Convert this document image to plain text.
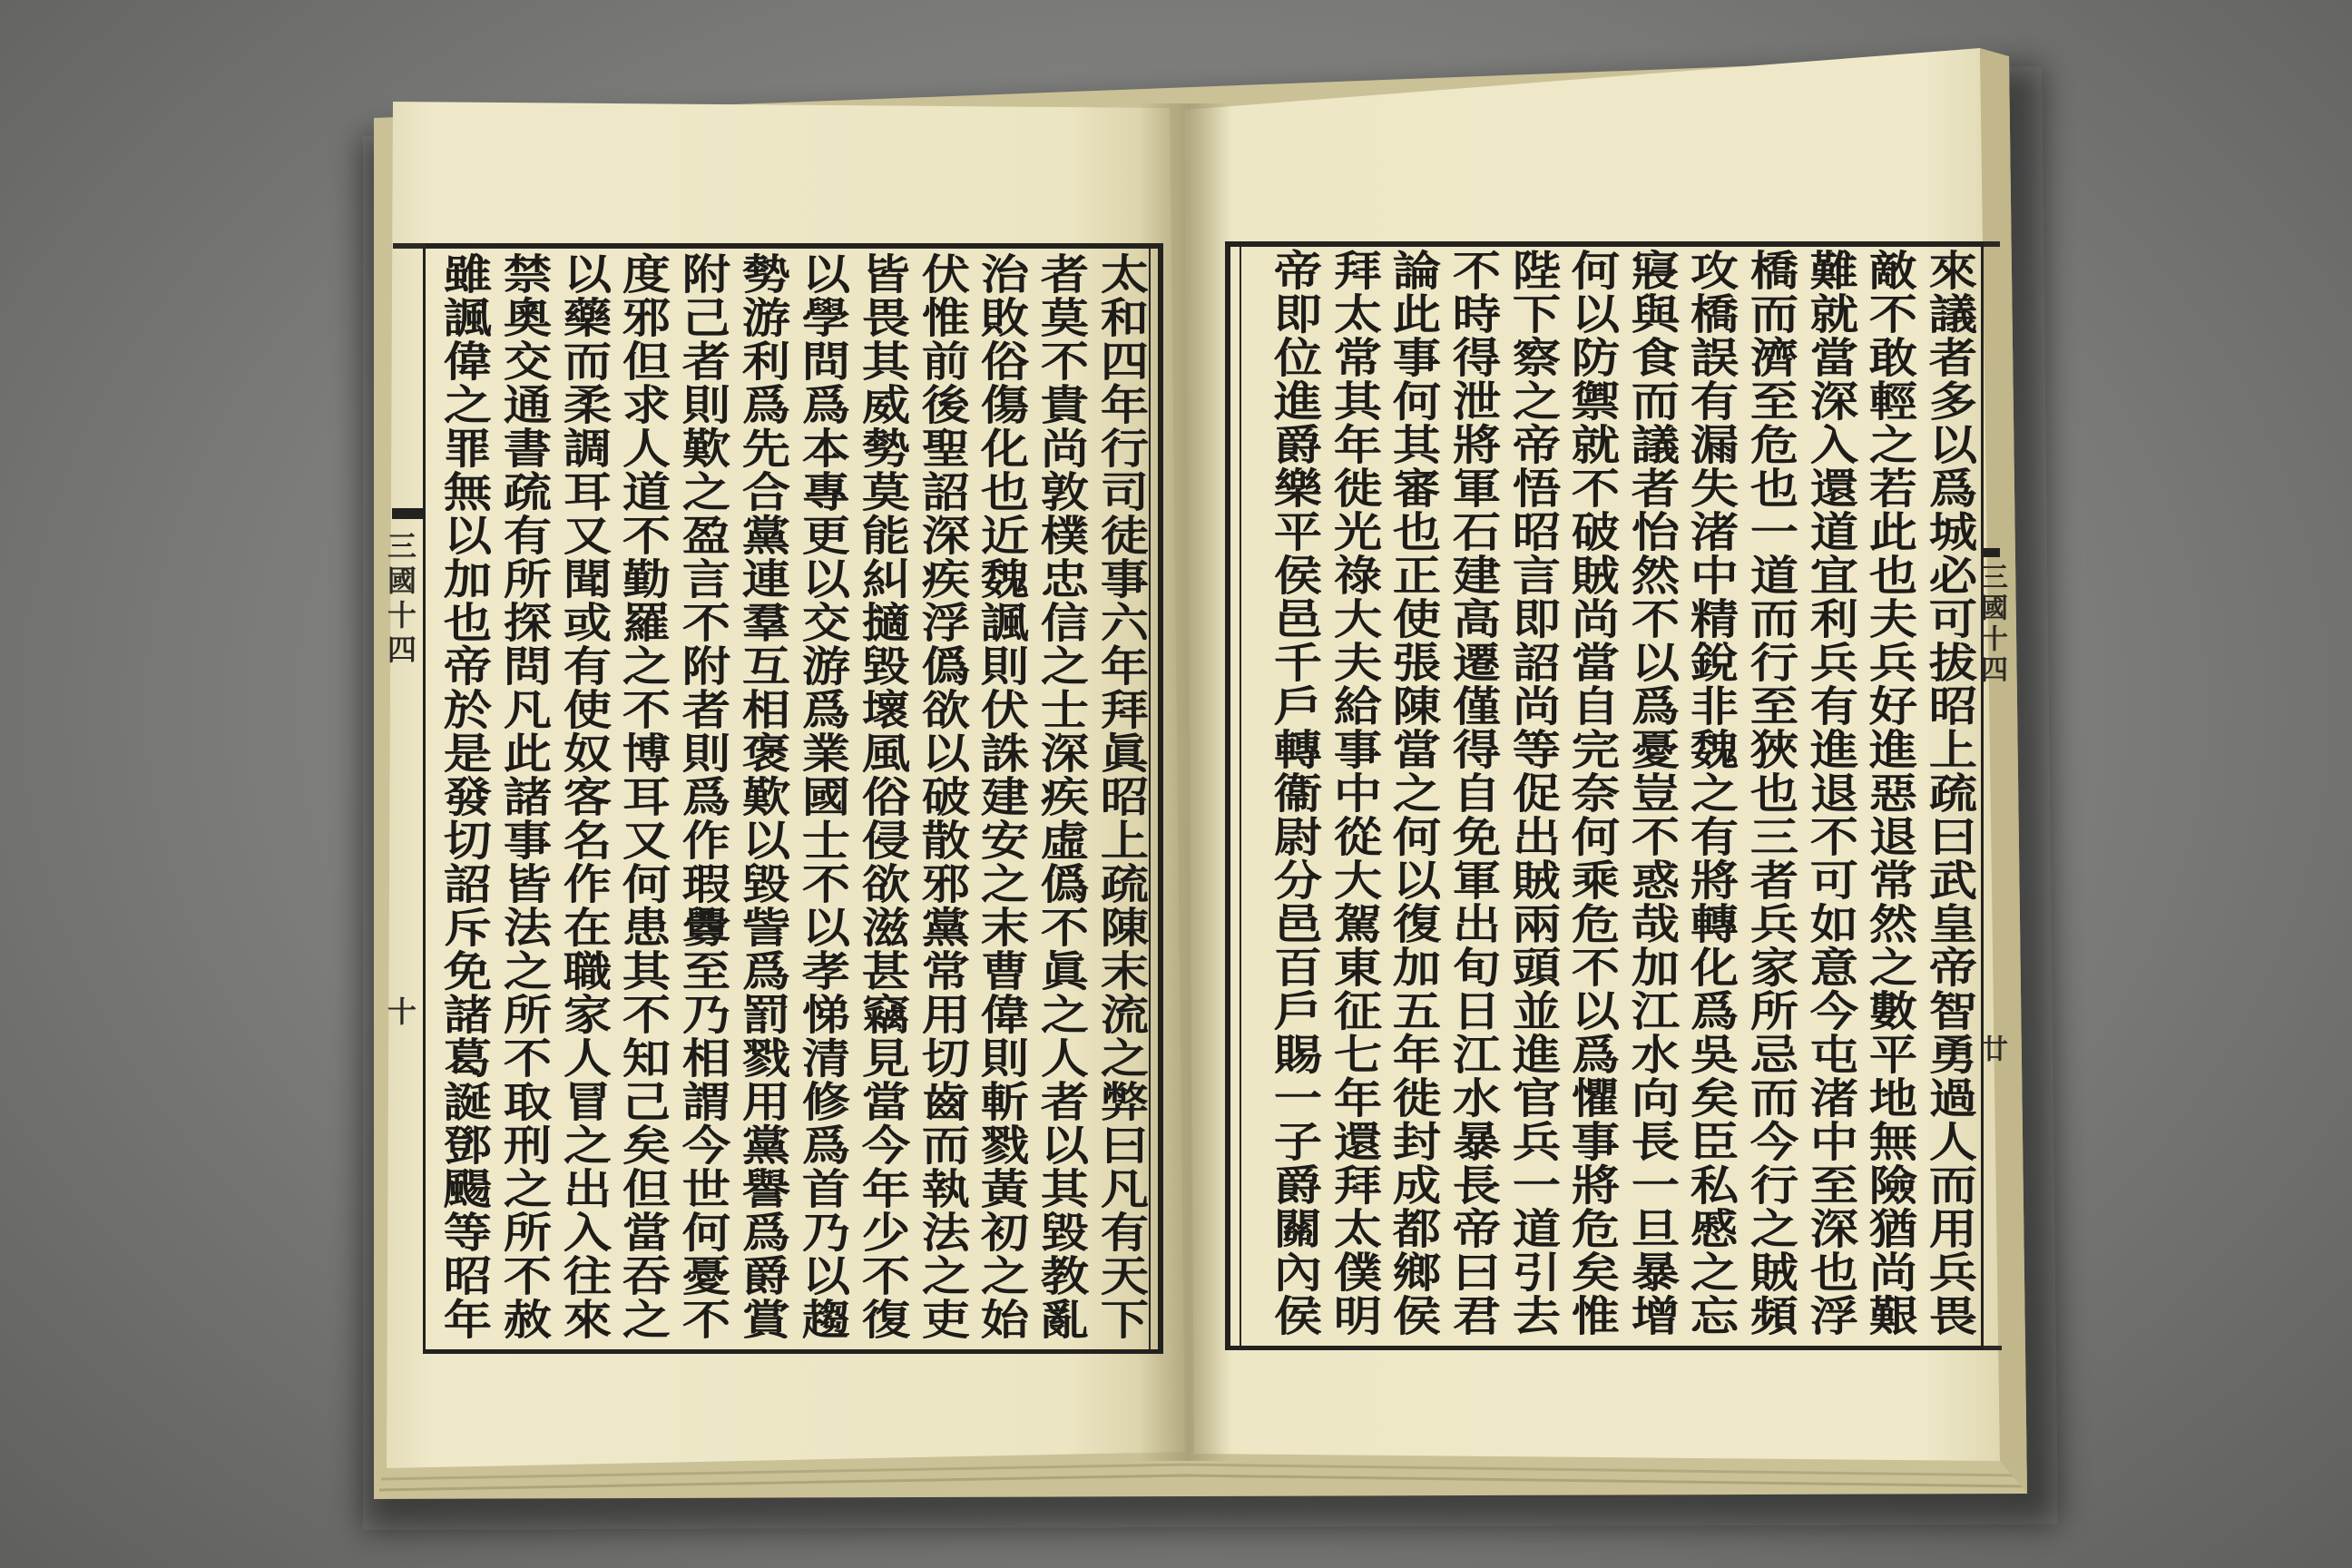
三國十四
十	太和四年行司徒事六年拜眞昭上疏陳末流之弊曰凡有天下
者莫不貴尚敦樸忠信之士深疾虛僞不眞之人者以其毀教亂
治敗俗傷化也近魏諷則伏誅建安之末曹偉則斬戮黃初之始
伏惟前後聖詔深疾浮僞欲以破散邪黨常用切齒而執法之吏
皆畏其威勢莫能糾擿毀壞風俗侵欲滋甚竊見當今年少不復
以學問爲本專更以交游爲業國士不以孝悌清修爲首乃以趨
勢游利爲先合黨連羣互相褒歎以毀訾爲罰戮用黨譽爲爵賞
附己者則歎之盈言不附者則爲作瑕釁至乃相謂今世何憂不
度邪但求人道不勤羅之不博耳又何患其不知己矣但當吞之
以藥而柔調耳又聞或有使奴客名作在職家人冒之出入往來
禁奧交通書疏有所探問凡此諸事皆法之所不取刑之所不赦
雖諷偉之罪無以加也帝於是發切詔斥免諸葛誕鄧颺等昭年	三國十四
廿
來議者多以爲城必可拔昭上疏曰武皇帝智勇過人而用兵畏
敵不敢輕之若此也夫兵好進惡退常然之數平地無險猶尚艱
難就當深入還道宜利兵有進退不可如意今屯渚中至深也浮
橋而濟至危也一道而行至狹也三者兵家所忌而今行之賊頻
攻橋誤有漏失渚中精銳非魏之有將轉化爲吳矣臣私慼之忘
寢與食而議者怡然不以爲憂豈不惑哉加江水向長一旦暴增
何以防禦就不破賊尚當自完奈何乘危不以爲懼事將危矣惟
陛下察之帝悟昭言即詔尚等促出賊兩頭並進官兵一道引去
不時得泄將軍石建高遷僅得自免軍出旬日江水暴長帝曰君
論此事何其審也正使張陳當之何以復加五年徙封成都鄉侯
拜太常其年徙光祿大夫給事中從大駕東征七年還拜太僕明
帝即位進爵樂平侯邑千戶轉衞尉分邑百戶賜一子爵關內侯
